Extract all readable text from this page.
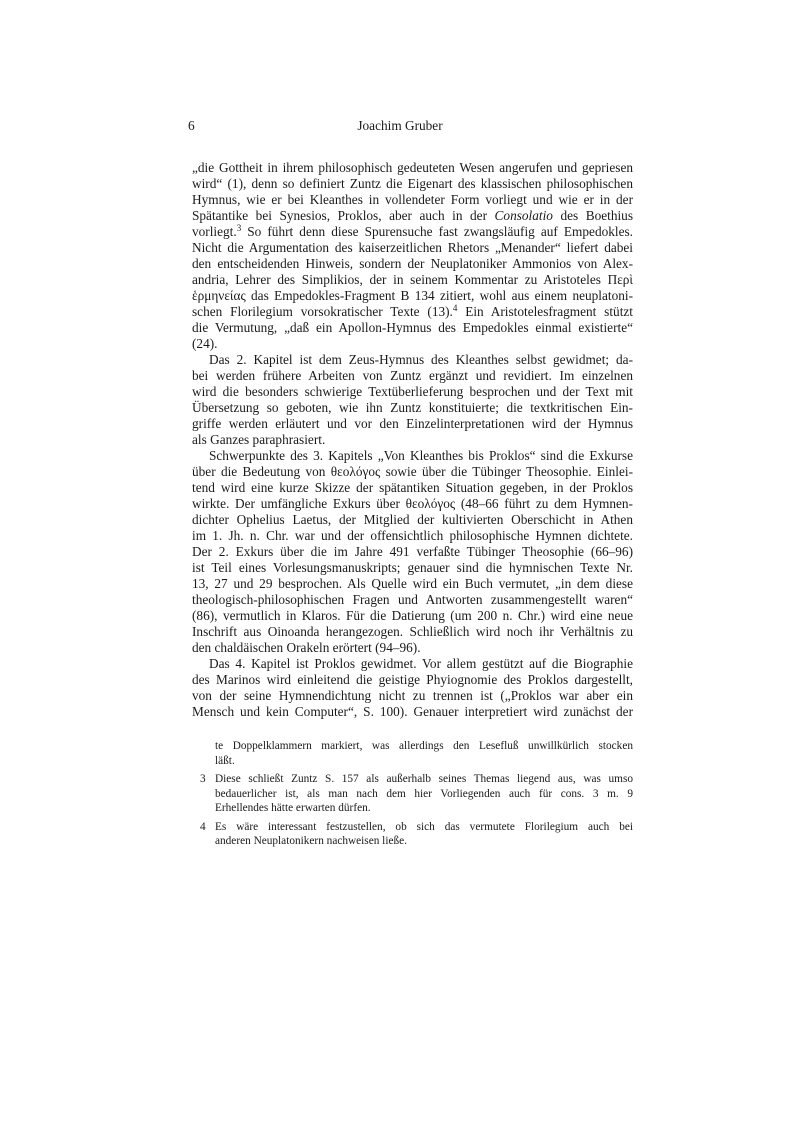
6	Joachim Gruber
„die Gottheit in ihrem philosophisch gedeuteten Wesen angerufen und gepriesen
wird“ (1), denn so definiert Zuntz die Eigenart des klassischen philosophischen
Hymnus, wie er bei Kleanthes in vollendeter Form vorliegt und wie er in der
Spätantike bei Synesios, Proklos, aber auch in der Consolatio des Boethius
vorliegt.$^3$ So führt denn diese Spurensuche fast zwangsläufig auf Empedokles.
Nicht die Argumentation des kaiserzeitlichen Rhetors „Menander“ liefert dabei
den entscheidenden Hinweis, sondern der Neuplatoniker Ammonios von Alex-
andria, Lehrer des Simplikios, der in seinem Kommentar zu Aristoteles Περὶ
ἑρμηνείας das Empedokles-Fragment B 134 zitiert, wohl aus einem neuplatoni-
schen Florilegium vorsokratischer Texte (13).$^4$ Ein Aristotelesfragment stützt
die Vermutung, „daß ein Apollon-Hymnus des Empedokles einmal existierte“
(24).
Das 2. Kapitel ist dem Zeus-Hymnus des Kleanthes selbst gewidmet; da-
bei werden frühere Arbeiten von Zuntz ergänzt und revidiert. Im einzelnen
wird die besonders schwierige Textüberlieferung besprochen und der Text mit
Übersetzung so geboten, wie ihn Zuntz konstituierte; die textkritischen Ein-
griffe werden erläutert und vor den Einzelinterpretationen wird der Hymnus
als Ganzes paraphrasiert.
Schwerpunkte des 3. Kapitels „Von Kleanthes bis Proklos“ sind die Exkurse
über die Bedeutung von θεολόγος sowie über die Tübinger Theosophie. Einlei-
tend wird eine kurze Skizze der spätantiken Situation gegeben, in der Proklos
wirkte. Der umfängliche Exkurs über θεολόγος (48–66 führt zu dem Hymnen-
dichter Ophelius Laetus, der Mitglied der kultivierten Oberschicht in Athen
im 1. Jh. n. Chr. war und der offensichtlich philosophische Hymnen dichtete.
Der 2. Exkurs über die im Jahre 491 verfaßte Tübinger Theosophie (66–96)
ist Teil eines Vorlesungsmanuskripts; genauer sind die hymnischen Texte Nr.
13, 27 und 29 besprochen. Als Quelle wird ein Buch vermutet, „in dem diese
theologisch-philosophischen Fragen und Antworten zusammengestellt waren“
(86), vermutlich in Klaros. Für die Datierung (um 200 n. Chr.) wird eine neue
Inschrift aus Oinoanda herangezogen. Schließlich wird noch ihr Verhältnis zu
den chaldäischen Orakeln erörtert (94–96).
Das 4. Kapitel ist Proklos gewidmet. Vor allem gestützt auf die Biographie
des Marinos wird einleitend die geistige Phyiognomie des Proklos dargestellt,
von der seine Hymnendichtung nicht zu trennen ist („Proklos war aber ein
Mensch und kein Computer“, S. 100). Genauer interpretiert wird zunächst der
te Doppelklammern markiert, was allerdings den Lesefluß unwillkürlich stocken
läßt.
3 Diese schließt Zuntz S. 157 als außerhalb seines Themas liegend aus, was umso
bedauerlicher ist, als man nach dem hier Vorliegenden auch für cons. 3 m. 9
Erhellendes hätte erwarten dürfen.
4 Es wäre interessant festzustellen, ob sich das vermutete Florilegium auch bei
anderen Neuplatonikern nachweisen ließe.
